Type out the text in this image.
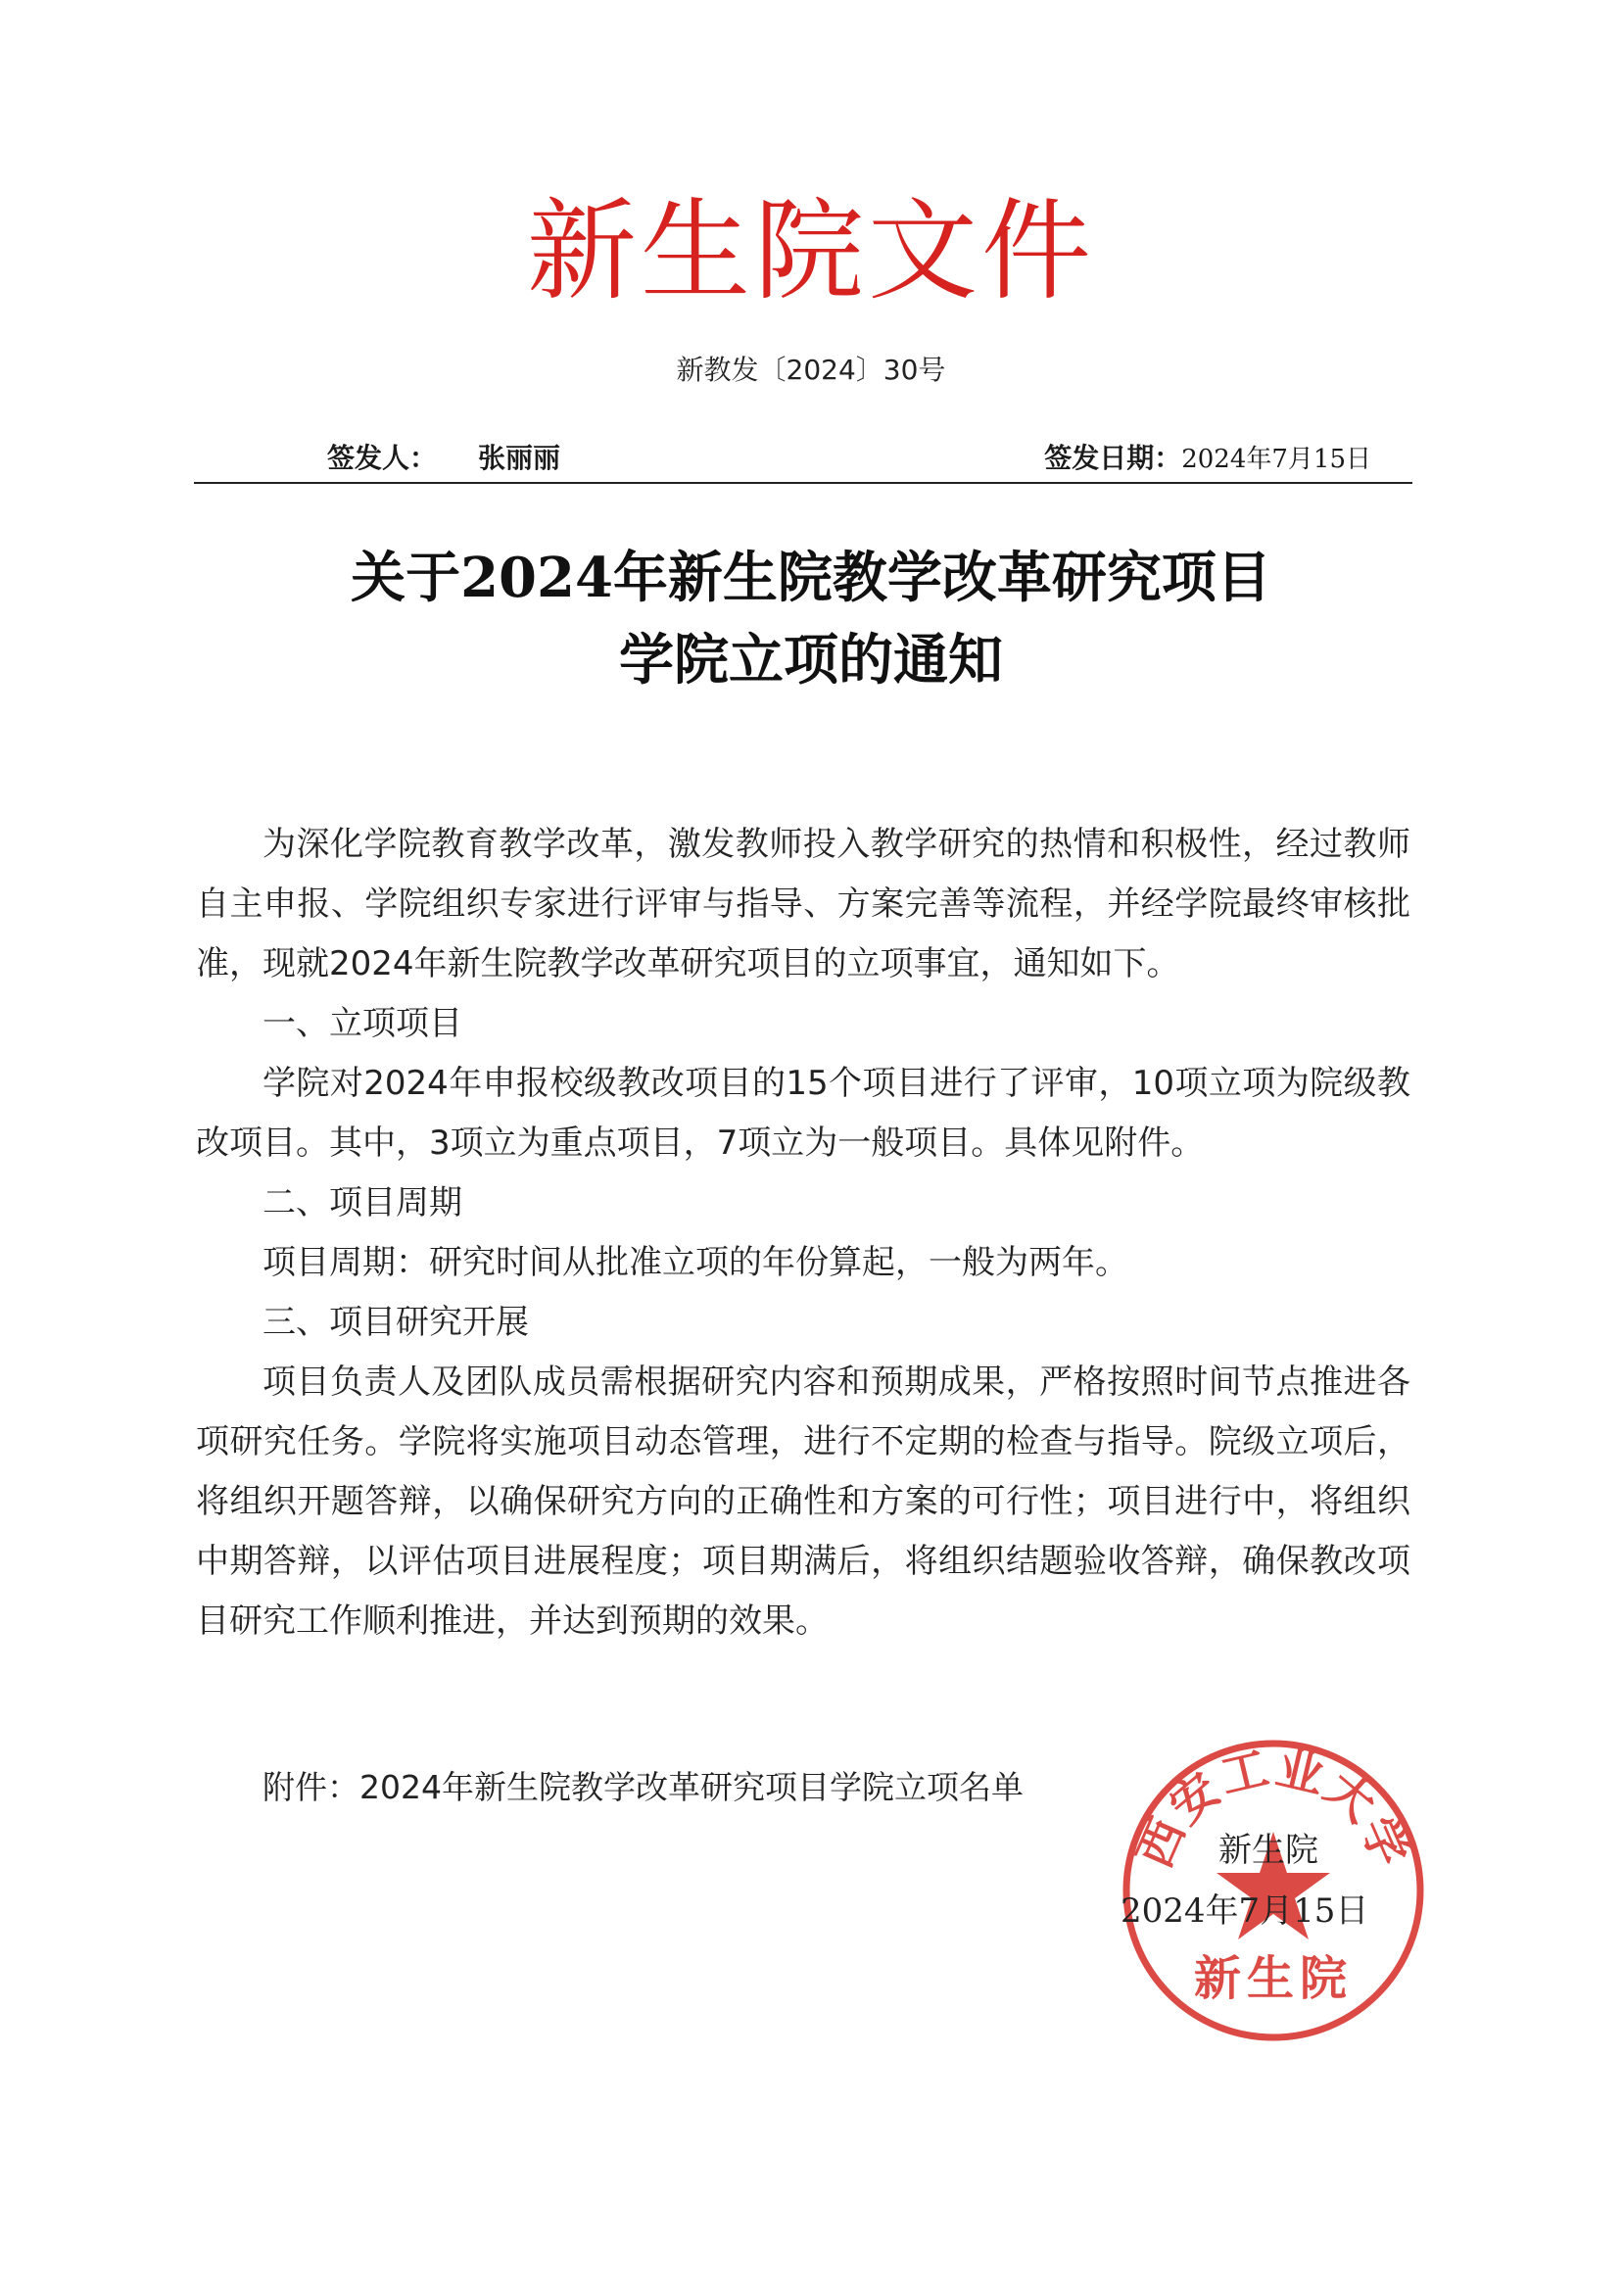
新生院文件
新教发〔2024〕30号
签发人： 张丽丽	签发日期：2024年7月15日
关于2024年新生院教学改革研究项目
学院立项的通知

为深化学院教育教学改革，激发教师投入教学研究的热情和积极性，经过教师自主申报、学院组织专家进行评审与指导、方案完善等流程，并经学院最终审核批准，现就2024年新生院教学改革研究项目的立项事宜，通知如下。

一、立项项目

学院对2024年申报校级教改项目的15个项目进行了评审，10项立项为院级教改项目。其中，3项立为重点项目，7项立为一般项目。具体见附件。

二、项目周期

项目周期：研究时间从批准立项的年份算起，一般为两年。

三、项目研究开展

项目负责人及团队成员需根据研究内容和预期成果，严格按照时间节点推进各项研究任务。学院将实施项目动态管理，进行不定期的检查与指导。院级立项后，将组织开题答辩，以确保研究方向的正确性和方案的可行性；项目进行中，将组织中期答辩，以评估项目进展程度；项目期满后，将组织结题验收答辩，确保教改项目研究工作顺利推进，并达到预期的效果。

附件：2024年新生院教学改革研究项目学院立项名单
西安工业大学
新生院
新生院
2024年7月15日
